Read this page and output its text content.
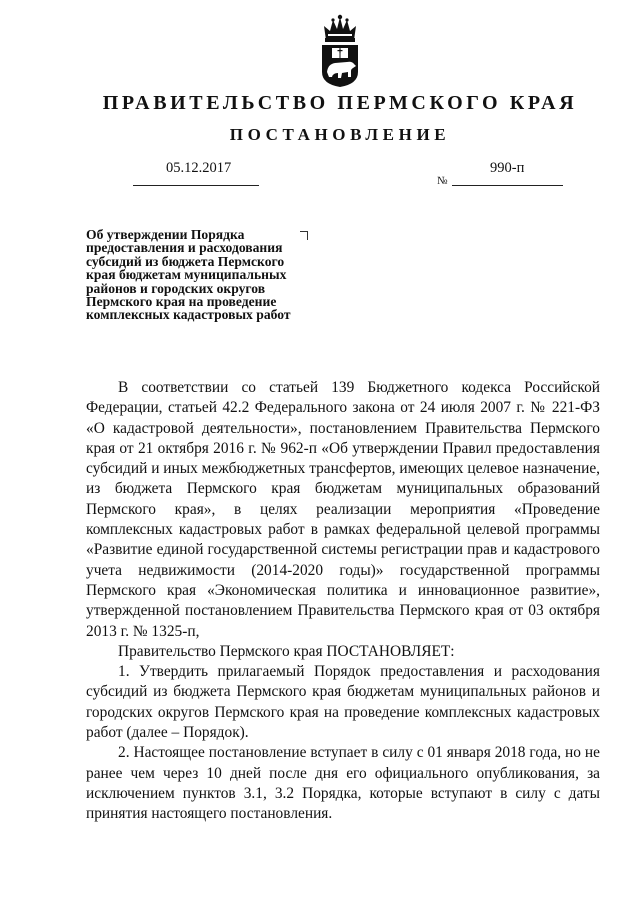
ПРАВИТЕЛЬСТВО ПЕРМСКОГО КРАЯ
ПОСТАНОВЛЕНИЕ
05.12.2017
№
990-п
Об утверждении Порядка
предоставления и расходования
субсидий из бюджета Пермского
края бюджетам муниципальных
районов и городских округов
Пермского края на проведение
комплексных кадастровых работ

В соответствии со статьей 139 Бюджетного кодекса Российской Федерации, статьей 42.2 Федерального закона от 24 июля 2007 г. № 221-ФЗ «О кадастровой деятельности», постановлением Правительства Пермского края от 21 октября 2016 г. № 962-п «Об утверждении Правил предоставления субсидий и иных межбюджетных трансфертов, имеющих целевое назначение, из бюджета Пермского края бюджетам муниципальных образований Пермского края», в целях реализации мероприятия «Проведение комплексных кадастровых работ в рамках федеральной целевой программы «Развитие единой государственной системы регистрации прав и кадастрового учета недвижимости (2014-2020 годы)» государственной программы Пермского края «Экономическая политика и инновационное развитие», утвержденной постановлением Правительства Пермского края от 03 октября 2013 г. № 1325-п,

Правительство Пермского края ПОСТАНОВЛЯЕТ:

1. Утвердить прилагаемый Порядок предоставления и расходования субсидий из бюджета Пермского края бюджетам муниципальных районов и городских округов Пермского края на проведение комплексных кадастровых работ (далее – Порядок).

2. Настоящее постановление вступает в силу с 01 января 2018 года, но не ранее чем через 10 дней после дня его официального опубликования, за исключением пунктов 3.1, 3.2 Порядка, которые вступают в силу с даты принятия настоящего постановления.
